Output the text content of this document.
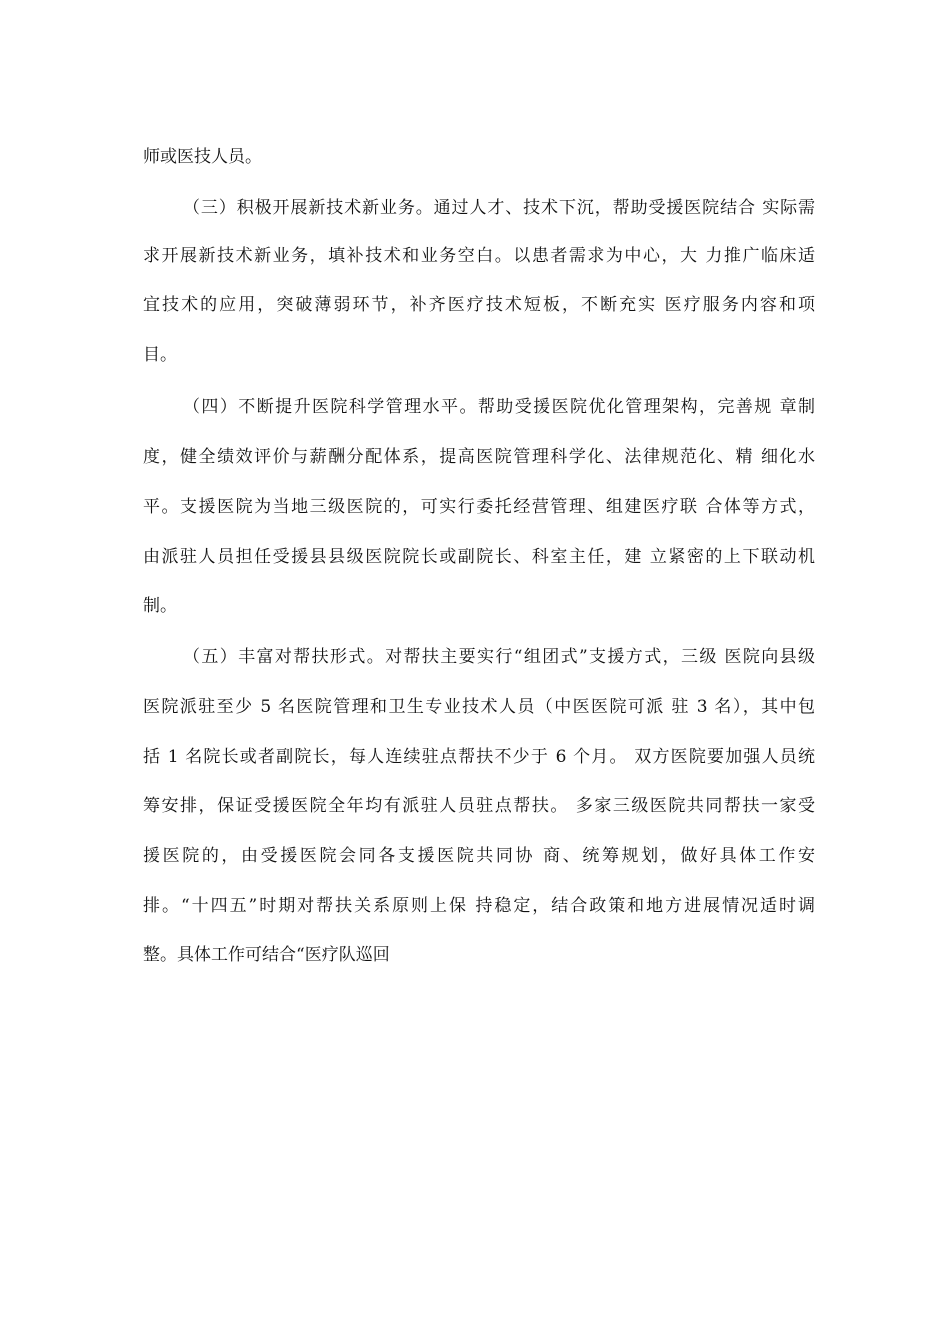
师或医技人员。
（三）积极开展新技术新业务。通过人才、技术下沉，帮助受援医院结合 实际需
求开展新技术新业务，填补技术和业务空白。以患者需求为中心，大 力推广临床适
宜技术的应用，突破薄弱环节，补齐医疗技术短板，不断充实 医疗服务内容和项
目。
（四）不断提升医院科学管理水平。帮助受援医院优化管理架构，完善规 章制
度，健全绩效评价与薪酬分配体系，提高医院管理科学化、法律规范化、精 细化水
平。支援医院为当地三级医院的，可实行委托经营管理、组建医疗联 合体等方式，
由派驻人员担任受援县县级医院院长或副院长、科室主任，建 立紧密的上下联动机
制。
（五）丰富对帮扶形式。对帮扶主要实行“组团式”支援方式，三级 医院向县级
医院派驻至少 5 名医院管理和卫生专业技术人员（中医医院可派 驻 3 名），其中包
括 1 名院长或者副院长，每人连续驻点帮扶不少于 6 个月。 双方医院要加强人员统
筹安排，保证受援医院全年均有派驻人员驻点帮扶。 多家三级医院共同帮扶一家受
援医院的，由受援医院会同各支援医院共同协 商、统筹规划，做好具体工作安
排。“十四五”时期对帮扶关系原则上保 持稳定，结合政策和地方进展情况适时调
整。具体工作可结合“医疗队巡回
